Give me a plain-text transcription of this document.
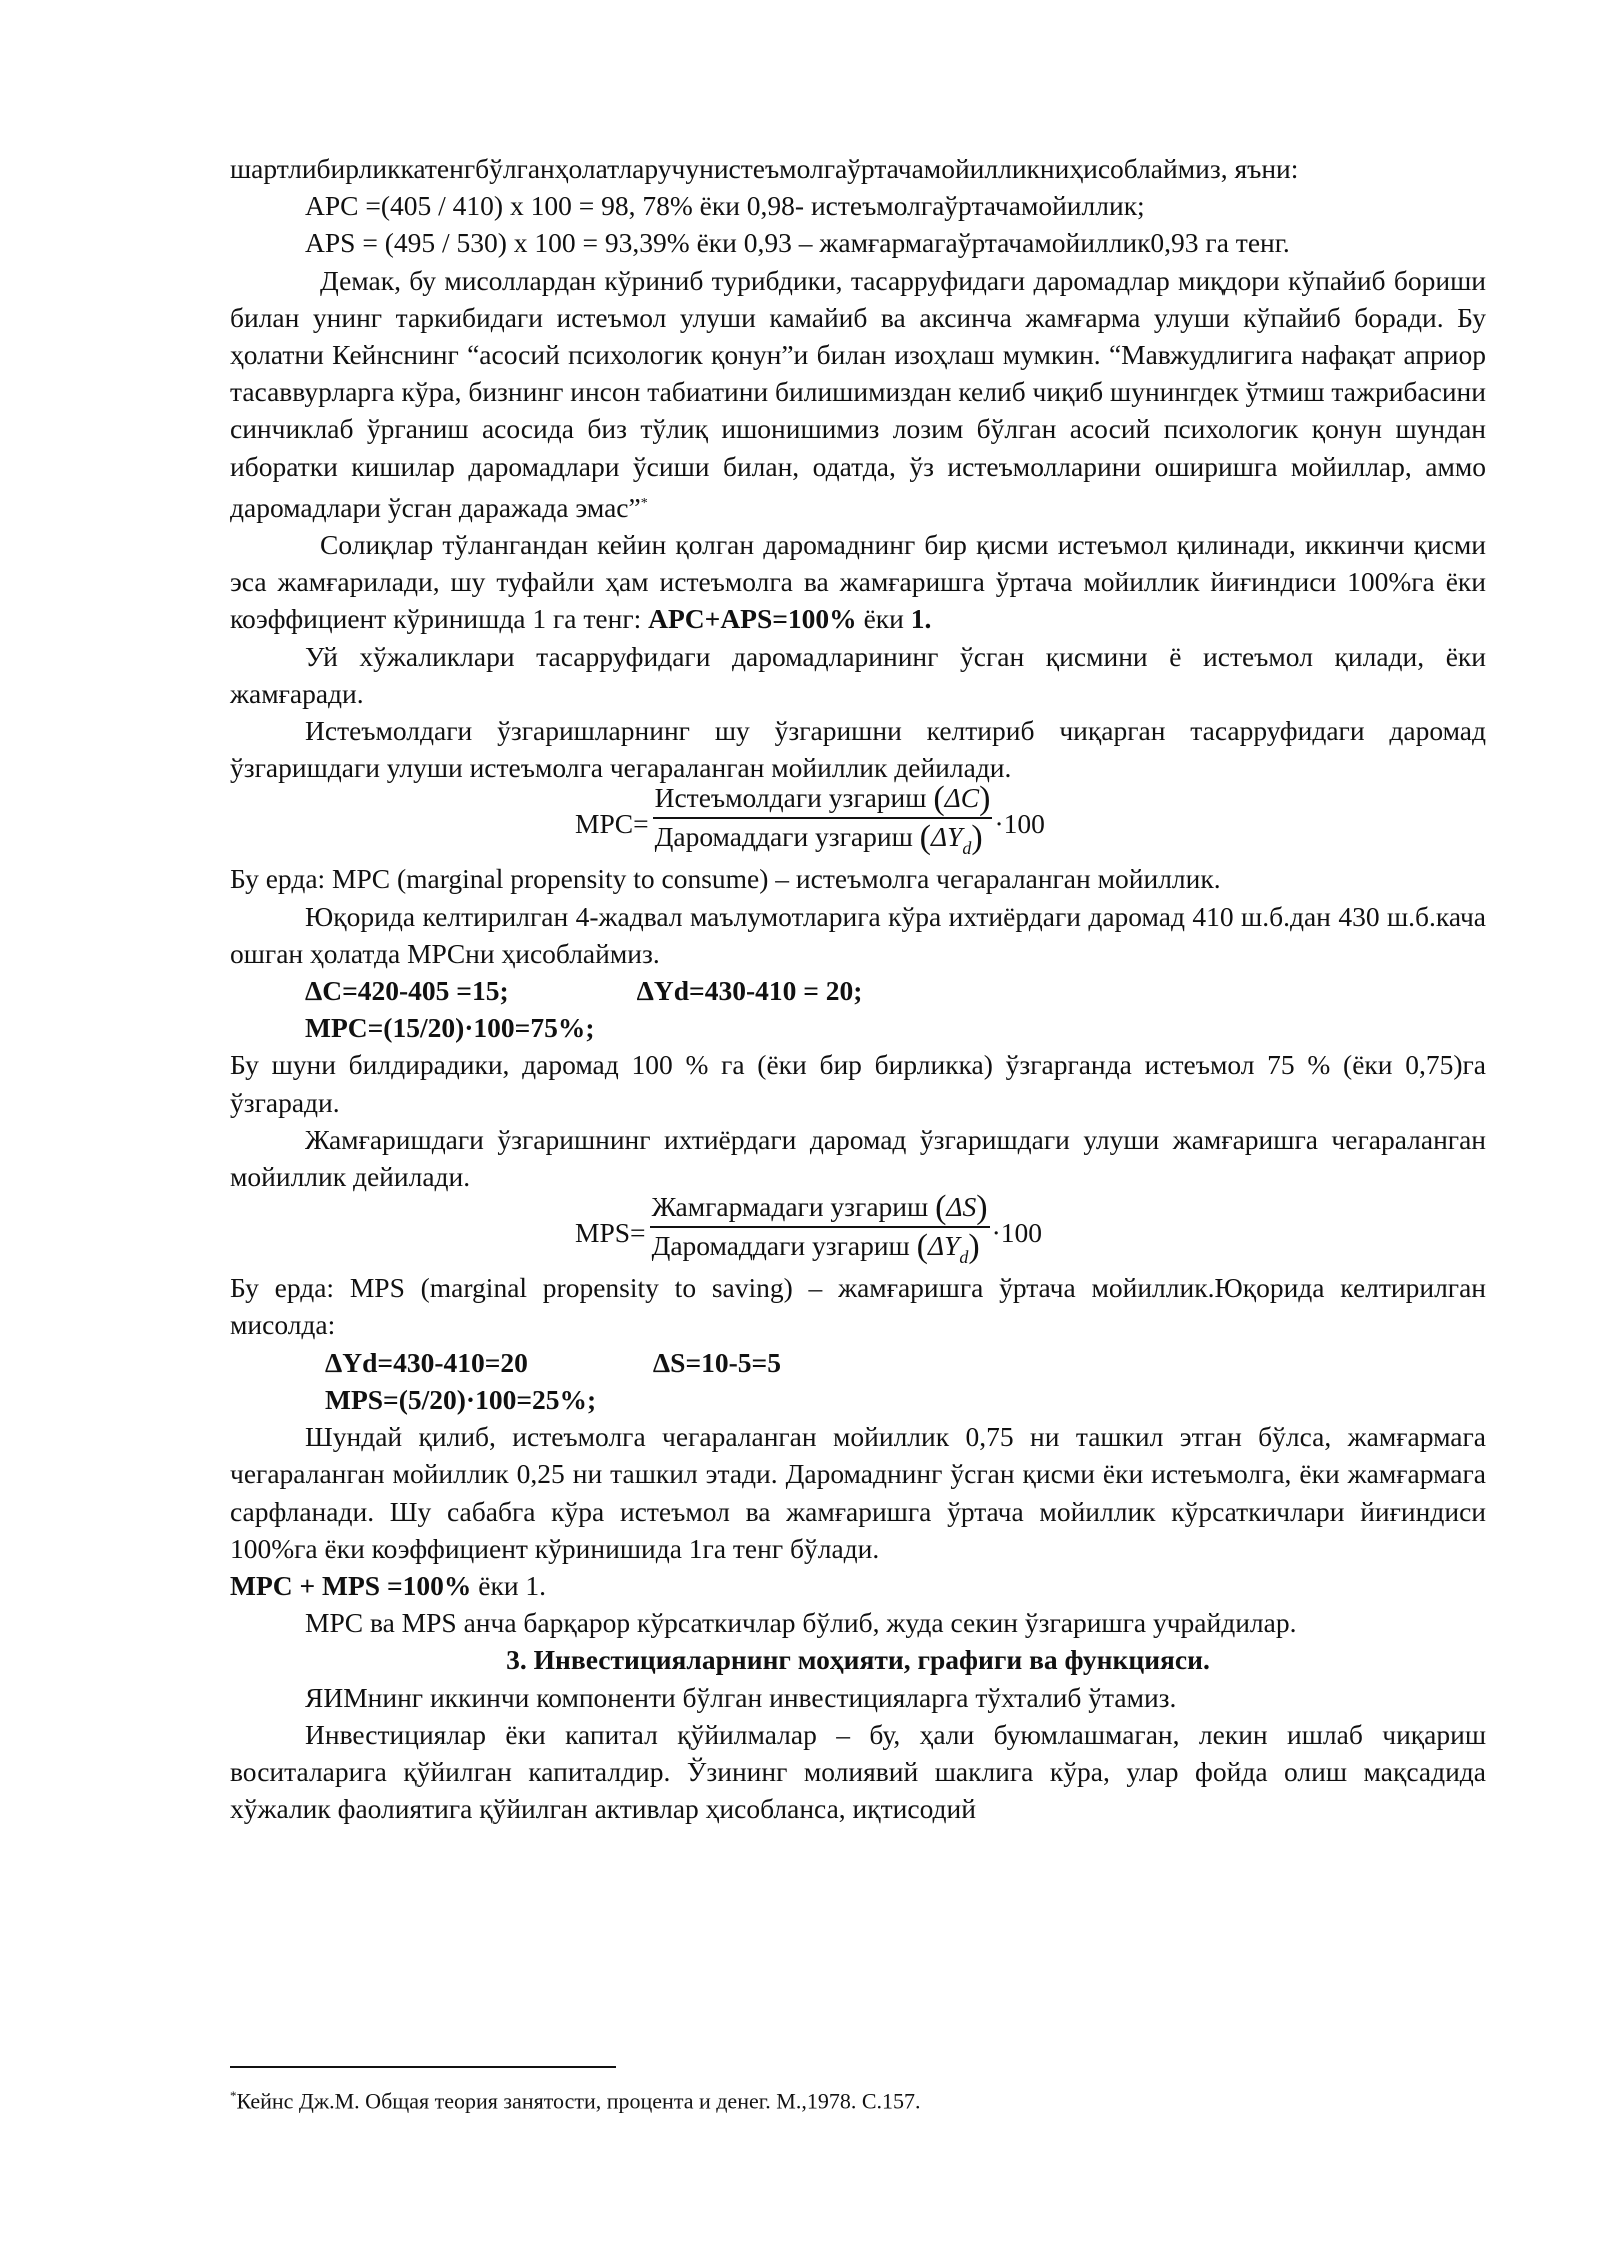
шартлибирликкатенгбўлганҳолатларучунистеъмолгаўртачамойилликниҳисоблаймиз, яъни:

APC =(405 / 410) x 100 = 98, 78% ёки 0,98- истеъмолгаўртачамойиллик;

APS = (495 / 530) x 100 = 93,39% ёки 0,93 – жамғармагаўртачамойиллик0,93 га тенг.

Демак, бу мисоллардан кўриниб турибдики, тасарруфидаги даромадлар миқдори кўпайиб бориши билан унинг таркибидаги истеъмол улуши камайиб ва аксинча жамғарма улуши кўпайиб боради. Бу ҳолатни Кейнснинг “асосий психологик қонун”и билан изоҳлаш мумкин. “Мавжудлигига нафақат априор тасаввурларга кўра, бизнинг инсон табиатини билишимиздан келиб чиқиб шунингдек ўтмиш тажрибасини синчиклаб ўрганиш асосида биз тўлиқ ишонишимиз лозим бўлган асосий психологик қонун шундан иборатки кишилар даромадлари ўсиши билан, одатда, ўз истеъмолларини оширишга мойиллар, аммо даромадлари ўсган даражада эмас”*

Солиқлар тўлангандан кейин қолган даромаднинг бир қисми истеъмол қилинади, иккинчи қисми эса жамғарилади, шу туфайли ҳам истеъмолга ва жамғаришга ўртача мойиллик йиғиндиси 100%га ёки коэффициент кўринишда 1 га тенг: APC+APS=100% ёки 1.

Уй хўжаликлари тасарруфидаги даромадларининг ўсган қисмини ё истеъмол қилади, ёки жамғаради.

Истеъмолдаги ўзгаришларнинг шу ўзгаришни келтириб чиқарган тасарруфидаги даромад ўзгаришдаги улуши истеъмолга чегараланган мойиллик дейилади.

$MPC= \frac{\text{Истеъмолдаги узгариш (ΔC)}}{Даромаддаги узгариш (\Delta Y_d)} \cdot 100$

Бу ерда: MPC (marginal propensity to consume) – истеъмолга чегараланган мойиллик.

Юқорида келтирилган 4-жадвал маълумотларига кўра ихтиёрдаги даромад 410 ш.б.дан 430 ш.б.кача ошган ҳолатда MPCни ҳисоблаймиз.

ΔC=420-405 =15;	ΔYd=430-410 = 20;

MPC=(15/20)·100=75%;

Бу шуни билдирадики, даромад 100 % га (ёки бир бирликка) ўзгарганда истеъмол 75 % (ёки 0,75)га ўзгаради.

Жамғаришдаги ўзгаришнинг ихтиёрдаги даромад ўзгаришдаги улуши жамғаришга чегараланган мойиллик дейилади.

$MPS= \frac{\text{Жамгармадаги узгариш (ΔS)}}{Даромаддаги узгариш (\Delta Y_d)} \cdot 100$

Бу ерда: MPS (marginal propensity to saving) – жамғаришга ўртача мойиллик.Юқорида келтирилган мисолда:

ΔYd=430-410=20	ΔS=10-5=5

MPS=(5/20)·100=25%;

Шундай қилиб, истеъмолга чегараланган мойиллик 0,75 ни ташкил этган бўлса, жамғармага чегараланган мойиллик 0,25 ни ташкил этади. Даромаднинг ўсган қисми ёки истеъмолга, ёки жамғармага сарфланади. Шу сабабга кўра истеъмол ва жамғаришга ўртача мойиллик кўрсаткичлари йиғиндиси 100%га ёки коэффициент кўринишида 1га тенг бўлади.

MPC + MPS =100% ёки 1.

MPC ва MPS анча барқарор кўрсаткичлар бўлиб, жуда секин ўзгаришга учрайдилар.

3. Инвестицияларнинг моҳияти, графиги ва функцияси.

ЯИМнинг иккинчи компоненти бўлган инвестицияларга тўхталиб ўтамиз.

Инвестициялар ёки капитал қўйилмалар – бу, ҳали буюмлашмаган, лекин ишлаб чиқариш воситаларига қўйилган капиталдир. Ўзининг молиявий шаклига кўра, улар фойда олиш мақсадида хўжалик фаолиятига қўйилган активлар ҳисобланса, иқтисодий

*Кейнс Дж.М. Общая теория занятости, процента и денег. М.,1978. С.157.
